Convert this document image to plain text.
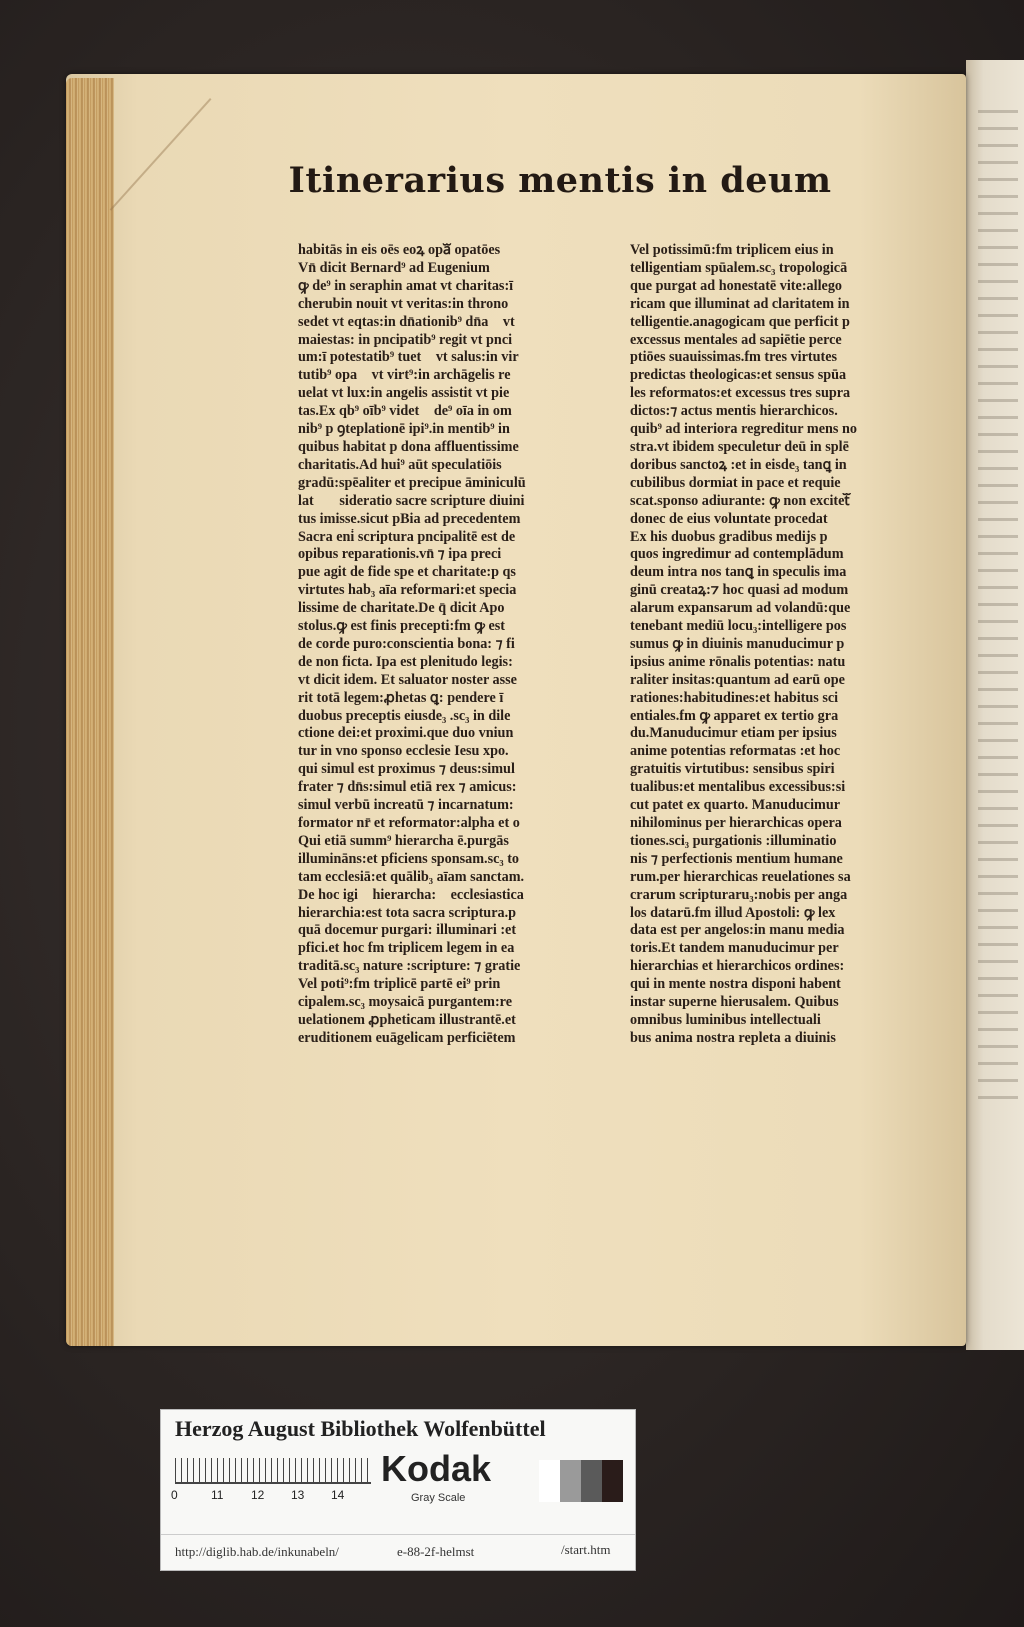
Itinerarius mentis in deum
habitās in eis oēs eoꝝ opaᷓ opatōes
Vn̄ dicit Bernard⁹ ad Eugenium
ꝙ de⁹ in seraphin amat vt charitas:ī
cherubin nouit vt veritas:in throno
sedet vt eqtas:in dn̄ationib⁹ dn̄aᷓ vt
maiestas: in pncipatib⁹ regit vt pnci
um:ī potestatib⁹ tuetᷓ vt salus:in vir
tutib⁹ opaᷓ vt virt⁹:in archāgelis re
uelat vt lux:in angelis assistit vt pie
tas.Ex qb⁹ oīb⁹ videtᷓ de⁹ oīa in om
nib⁹ p ꝯteplationē ipi⁹.in mentib⁹ in
quibus habitat p dona affluentissime
charitatis.Ad hui⁹ aūt speculatiōis
gradū:spēaliter et precipue āminiculū
latᷓ ꝯsideratio sacre scripture diuini
tus imisse.sicut pBia ad precedentem
Sacra eni̇ scriptura pncipalitē est de
opibus reparationis.vn̄ ⁊ ipa preci
pue agit de fide spe et charitate:p qs
virtutes hab₃ aīa reformari:et specia
lissime de charitate.De q̄ dicit Apo
stolus.ꝙ est finis precepti:fm ꝙ est
de corde puro:conscientia bona: ⁊ fi
de non ficta. Ipa est plenitudo legis:
vt dicit idem. Et saluator noster asse
rit totā legem:ꝓhetas ꝗ: pendere ī
duobus preceptis eiusde₃ .sc₃ in dile
ctione dei:et proximi.que duo vniun
tur in vno sponso ecclesie Iesu xpo.
qui simul est proximus ⁊ deus:simul
frater ⁊ dn̄s:simul etiā rex ⁊ amicus:
simul verbū increatū ⁊ incarnatum:
formator nr̄ et reformator:alpha et o
Qui etiā summ⁹ hierarcha ē.purgās
illumināns:et pficiens sponsam.sc₃ to
tam ecclesiā:et quālib₃ aīam sanctam.
De hoc igiᷓ hierarcha:⁊ ecclesiastica
hierarchia:est tota sacra scriptura.p
quā docemur purgari: illuminari :et
pfici.et hoc fm triplicem legem in ea
traditā.sc₃ nature :scripture: ⁊ gratie
Vel poti⁹:fm triplicē partē ei⁹ prin
cipalem.sc₃ moysaicā purgantem:re
uelationem ꝓpheticam illustrantē.et
eruditionem euāgelicam perficiētem
Vel potissimū:fm triplicem eius in
telligentiam spūalem.sc₃ tropologicā
que purgat ad honestatē vite:allego
ricam que illuminat ad claritatem in
telligentie.anagogicam que perficit p
excessus mentales ad sapiētie perce
ptiōes suauissimas.fm tres virtutes
predictas theologicas:et sensus spūa
les reformatos:et excessus tres supra
dictos:⁊ actus mentis hierarchicos.
quib⁹ ad interiora regreditur mens no
stra.vt ibidem speculetur deū in splē
doribus sanctoꝝ :et in eisde₃ tanꝗ in
cubilibus dormiat in pace et requie
scat.sponso adiurante: ꝙ non excitetᷓ
donec de eius voluntate procedat
Ex his duobus gradibus medijs p
quos ingredimur ad contemplādum
deum intra nos tanꝗ in speculis ima
ginū creataꝝ:⁊ hoc quasi ad modum
alarum expansarum ad volandū:que
tenebant mediū locu₃:intelligere pos
sumus ꝙ in diuinis manuducimur p
ipsius anime rōnalis potentias: natu
raliter insitas:quantum ad earū ope
rationes:habitudines:et habitus sci
entiales.fm ꝙ apparet ex tertio gra
du.Manuducimur etiam per ipsius
anime potentias reformatas :et hoc
gratuitis virtutibus: sensibus spiri
tualibus:et mentalibus excessibus:si
cut patet ex quarto. Manuducimur
nihilominus per hierarchicas opera
tiones.sci₃ purgationis :illuminatio
nis ⁊ perfectionis mentium humane
rum.per hierarchicas reuelationes sa
crarum scripturaru₃:nobis per anga
los datarū.fm illud Apostoli: ꝙ lex
data est per angelos:in manu media
toris.Et tandem manuducimur per
hierarchias et hierarchicos ordines:
qui in mente nostra disponi habent
instar superne hierusalem. Quibus
omnibus luminibus intellectuali
bus anima nostra repleta a diuinis
Herzog August Bibliothek Wolfenbüttel
0	11 12 13 14
Kodak
Gray Scale
http://diglib.hab.de/inkunabeln/	e-88-2f-helmst	/start.htm
